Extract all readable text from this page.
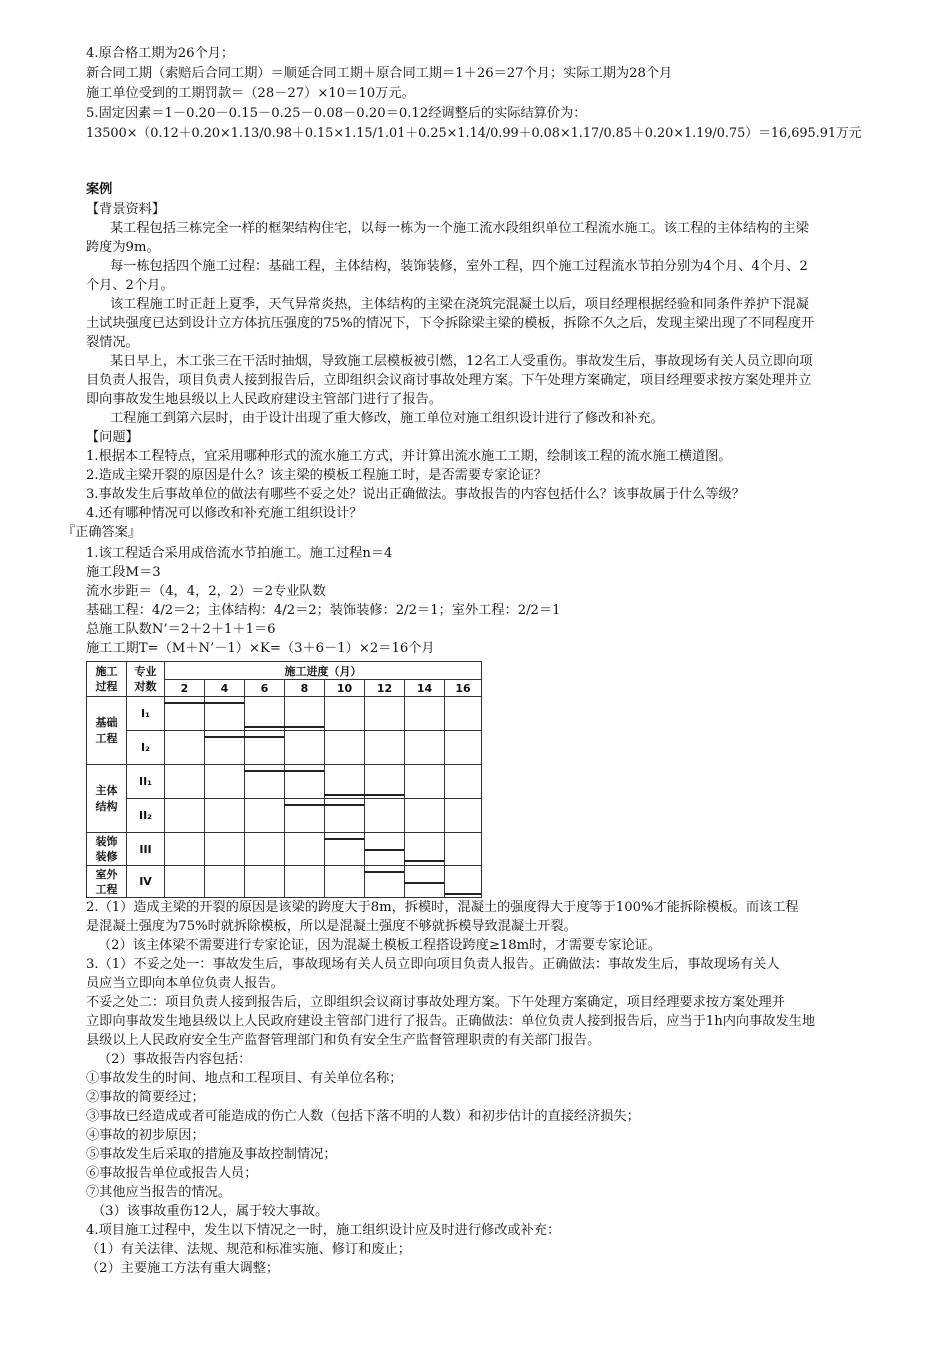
4.原合格工期为26个月；
新合同工期（索赔后合同工期）＝顺延合同工期＋原合同工期＝1＋26＝27个月；实际工期为28个月
施工单位受到的工期罚款＝（28－27）×10＝10万元。
5.固定因素＝1－0.20－0.15－0.25－0.08－0.20＝0.12经调整后的实际结算价为：
13500×（0.12＋0.20×1.13/0.98＋0.15×1.15/1.01＋0.25×1.14/0.99＋0.08×1.17/0.85＋0.20×1.19/0.75）＝16,695.91万元
案例
【背景资料】
某工程包括三栋完全一样的框架结构住宅，以每一栋为一个施工流水段组织单位工程流水施工。该工程的主体结构的主梁
跨度为9m。
每一栋包括四个施工过程：基础工程，主体结构，装饰装修，室外工程，四个施工过程流水节拍分别为4个月、4个月、2
个月、2个月。
该工程施工时正赶上夏季，天气异常炎热，主体结构的主梁在浇筑完混凝土以后，项目经理根据经验和同条件养护下混凝
土试块强度已达到设计立方体抗压强度的75%的情况下，下令拆除梁主梁的模板，拆除不久之后，发现主梁出现了不同程度开
裂情况。
某日早上，木工张三在干活时抽烟，导致施工层模板被引燃，12名工人受重伤。事故发生后，事故现场有关人员立即向项
目负责人报告，项目负责人接到报告后，立即组织会议商讨事故处理方案。下午处理方案确定，项目经理要求按方案处理并立
即向事故发生地县级以上人民政府建设主管部门进行了报告。
工程施工到第六层时，由于设计出现了重大修改，施工单位对施工组织设计进行了修改和补充。
【问题】
1.根据本工程特点，宜采用哪种形式的流水施工方式，并计算出流水施工工期，绘制该工程的流水施工横道图。
2.造成主梁开裂的原因是什么？该主梁的模板工程施工时，是否需要专家论证？
3.事故发生后事故单位的做法有哪些不妥之处？说出正确做法。事故报告的内容包括什么？该事故属于什么等级？
4.还有哪种情况可以修改和补充施工组织设计？
『正确答案』
1.该工程适合采用成倍流水节拍施工。施工过程n＝4
施工段M＝3
流水步距＝（4，4，2，2）＝2专业队数
基础工程：4/2＝2；主体结构：4/2＝2；装饰装修：2/2＝1；室外工程：2/2＝1
总施工队数N’＝2＋2＋1＋1＝6
施工工期T=（M＋N’－1）×K=（3＋6－1）×2＝16个月
施工过程	专业对数	施工进度（月）							
		2	4	6	8	10	12	14	16
基础工程	I₁								
	I₂								
主体结构	II₁								
	II₂								
装饰装修	III								
室外工程	IV								
2.（1）造成主梁的开裂的原因是该梁的跨度大于8m，拆模时，混凝土的强度得大于度等于100%才能拆除模板。而该工程
是混凝土强度为75%时就拆除模板，所以是混凝土强度不够就拆模导致混凝土开裂。
（2）该主体梁不需要进行专家论证，因为混凝土模板工程搭设跨度≥18m时，才需要专家论证。
3.（1）不妥之处一：事故发生后，事故现场有关人员立即向项目负责人报告。正确做法：事故发生后，事故现场有关人
员应当立即向本单位负责人报告。
不妥之处二：项目负责人接到报告后，立即组织会议商讨事故处理方案。下午处理方案确定，项目经理要求按方案处理并
立即向事故发生地县级以上人民政府建设主管部门进行了报告。正确做法：单位负责人接到报告后，应当于1h内向事故发生地
县级以上人民政府安全生产监督管理部门和负有安全生产监督管理职责的有关部门报告。
（2）事故报告内容包括：
①事故发生的时间、地点和工程项目、有关单位名称；
②事故的简要经过；
③事故已经造成或者可能造成的伤亡人数（包括下落不明的人数）和初步估计的直接经济损失；
④事故的初步原因；
⑤事故发生后采取的措施及事故控制情况；
⑥事故报告单位或报告人员；
⑦其他应当报告的情况。
（3）该事故重伤12人，属于较大事故。
4.项目施工过程中，发生以下情况之一时，施工组织设计应及时进行修改或补充：
（1）有关法律、法规、规范和标准实施、修订和废止；
（2）主要施工方法有重大调整；
